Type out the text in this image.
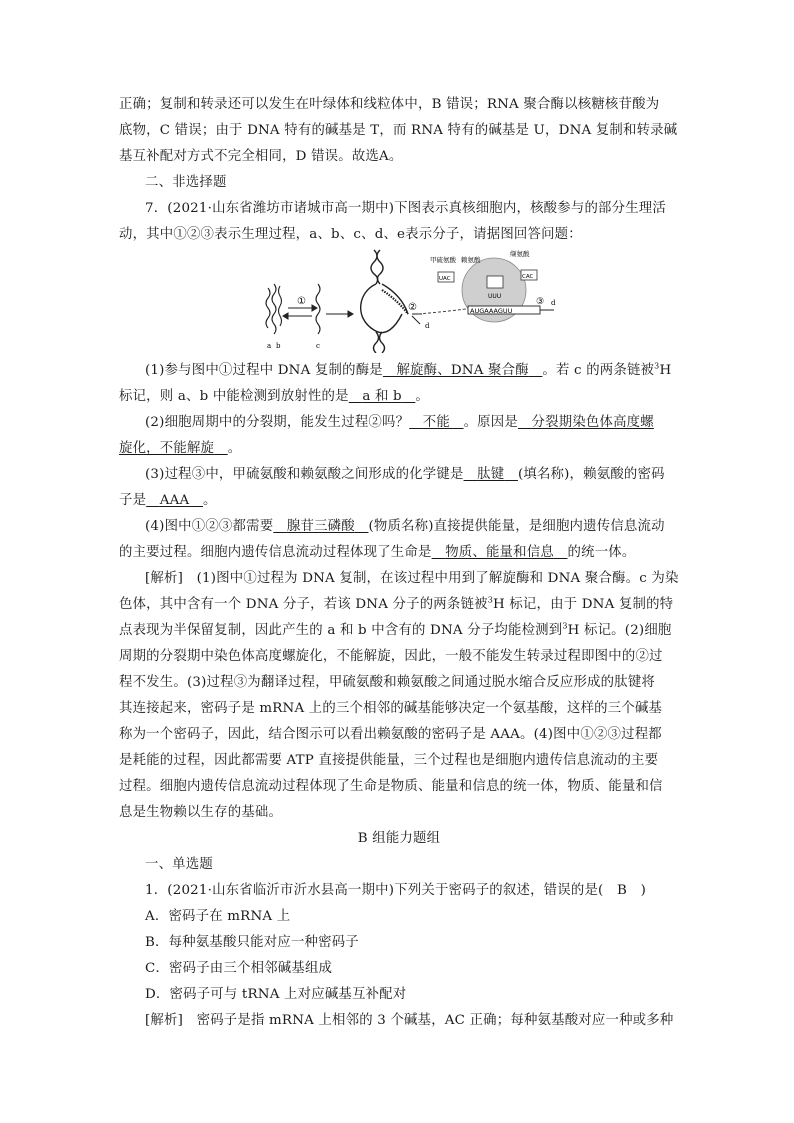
正确；复制和转录还可以发生在叶绿体和线粒体中，B 错误；RNA 聚合酶以核糖核苷酸为
底物，C 错误；由于 DNA 特有的碱基是 T，而 RNA 特有的碱基是 U，DNA 复制和转录碱
基互补配对方式不完全相同，D 错误。故选A。
二、非选择题
7．(2021·山东省潍坊市诸城市高一期中)下图表示真核细胞内，核酸参与的部分生理活
动，其中①②③表示生理过程，a、b、c、d、e表示分子，请据图回答问题：
①
a b	c
②
d
AUGAAAGUU
③ d
UAC
UUU
CAC
甲硫氨酸 赖氨酸
缬氨酸
(1)参与图中①过程中 DNA 复制的酶是　 解旋酶、DNA 聚合酶　 。若 c 的两条链被$^3$H
标记，则 a、b 中能检测到放射性的是　 a 和 b　 。
(2)细胞周期中的分裂期，能发生过程②吗？　 不能　 。原因是　 分裂期染色体高度螺
旋化，不能解旋　 。
(3)过程③中，甲硫氨酸和赖氨酸之间形成的化学键是　 肽键　 (填名称)，赖氨酸的密码
子是　 AAA　 。
(4)图中①②③都需要　 腺苷三磷酸　 (物质名称)直接提供能量，是细胞内遗传信息流动
的主要过程。细胞内遗传信息流动过程体现了生命是　 物质、能量和信息　 的统一体。
[解析]　 (1)图中①过程为 DNA 复制，在该过程中用到了解旋酶和 DNA 聚合酶。c 为染
色体，其中含有一个 DNA 分子，若该 DNA 分子的两条链被$^3$H 标记，由于 DNA 复制的特
点表现为半保留复制，因此产生的 a 和 b 中含有的 DNA 分子均能检测到$^3$H 标记。(2)细胞
周期的分裂期中染色体高度螺旋化，不能解旋，因此，一般不能发生转录过程即图中的②过
程不发生。(3)过程③为翻译过程，甲硫氨酸和赖氨酸之间通过脱水缩合反应形成的肽键将
其连接起来，密码子是 mRNA 上的三个相邻的碱基能够决定一个氨基酸，这样的三个碱基
称为一个密码子，因此，结合图示可以看出赖氨酸的密码子是 AAA。(4)图中①②③过程都
是耗能的过程，因此都需要 ATP 直接提供能量，三个过程也是细胞内遗传信息流动的主要
过程。细胞内遗传信息流动过程体现了生命是物质、能量和信息的统一体，物质、能量和信
息是生物赖以生存的基础。
B 组能力题组
一、单选题
1．(2021·山东省临沂市沂水县高一期中)下列关于密码子的叙述，错误的是(　B　)
A．密码子在 mRNA 上
B．每种氨基酸只能对应一种密码子
C．密码子由三个相邻碱基组成
D．密码子可与 tRNA 上对应碱基互补配对
[解析]　密码子是指 mRNA 上相邻的 3 个碱基，AC 正确；每种氨基酸对应一种或多种
